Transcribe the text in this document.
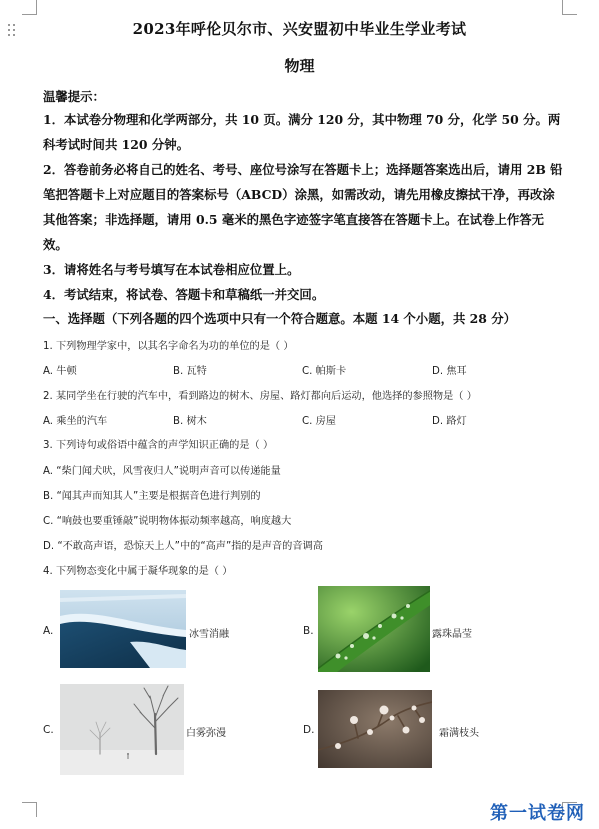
2023年呼伦贝尔市、兴安盟初中毕业生学业考试
物理
温馨提示：
1．本试卷分物理和化学两部分，共 10 页。满分 120 分，其中物理 70 分，化学 50 分。两科考试时间共 120 分钟。
2．答卷前务必将自己的姓名、考号、座位号涂写在答题卡上；选择题答案选出后，请用 2B 铅笔把答题卡上对应题目的答案标号（ABCD）涂黑，如需改动，请先用橡皮擦拭干净，再改涂其他答案；非选择题，请用 0.5 毫米的黑色字迹签字笔直接答在答题卡上。在试卷上作答无效。
3．请将姓名与考号填写在本试卷相应位置上。
4．考试结束，将试卷、答题卡和草稿纸一并交回。
一、选择题（下列各题的四个选项中只有一个符合题意。本题 14 个小题，共 28 分）
1. 下列物理学家中，以其名字命名为功的单位的是（ ）
A. 牛顿	B. 瓦特	C. 帕斯卡	D. 焦耳
2. 某同学坐在行驶的汽车中，看到路边的树木、房屋、路灯都向后运动，他选择的参照物是（ ）
A. 乘坐的汽车	B. 树木	C. 房屋	D. 路灯
3. 下列诗句或俗语中蕴含的声学知识正确的是（ ）
A. “柴门闻犬吠，风雪夜归人”说明声音可以传递能量
B. “闻其声而知其人”主要是根据音色进行判别的
C. “响鼓也要重锤敲”说明物体振动频率越高，响度越大
D. “不敢高声语，恐惊天上人”中的“高声”指的是声音的音调高
4. 下列物态变化中属于凝华现象的是（ ）
A.	冰雪消融	B.	露珠晶莹
C.	白雾弥漫	D.	霜满枝头
第一试卷网
